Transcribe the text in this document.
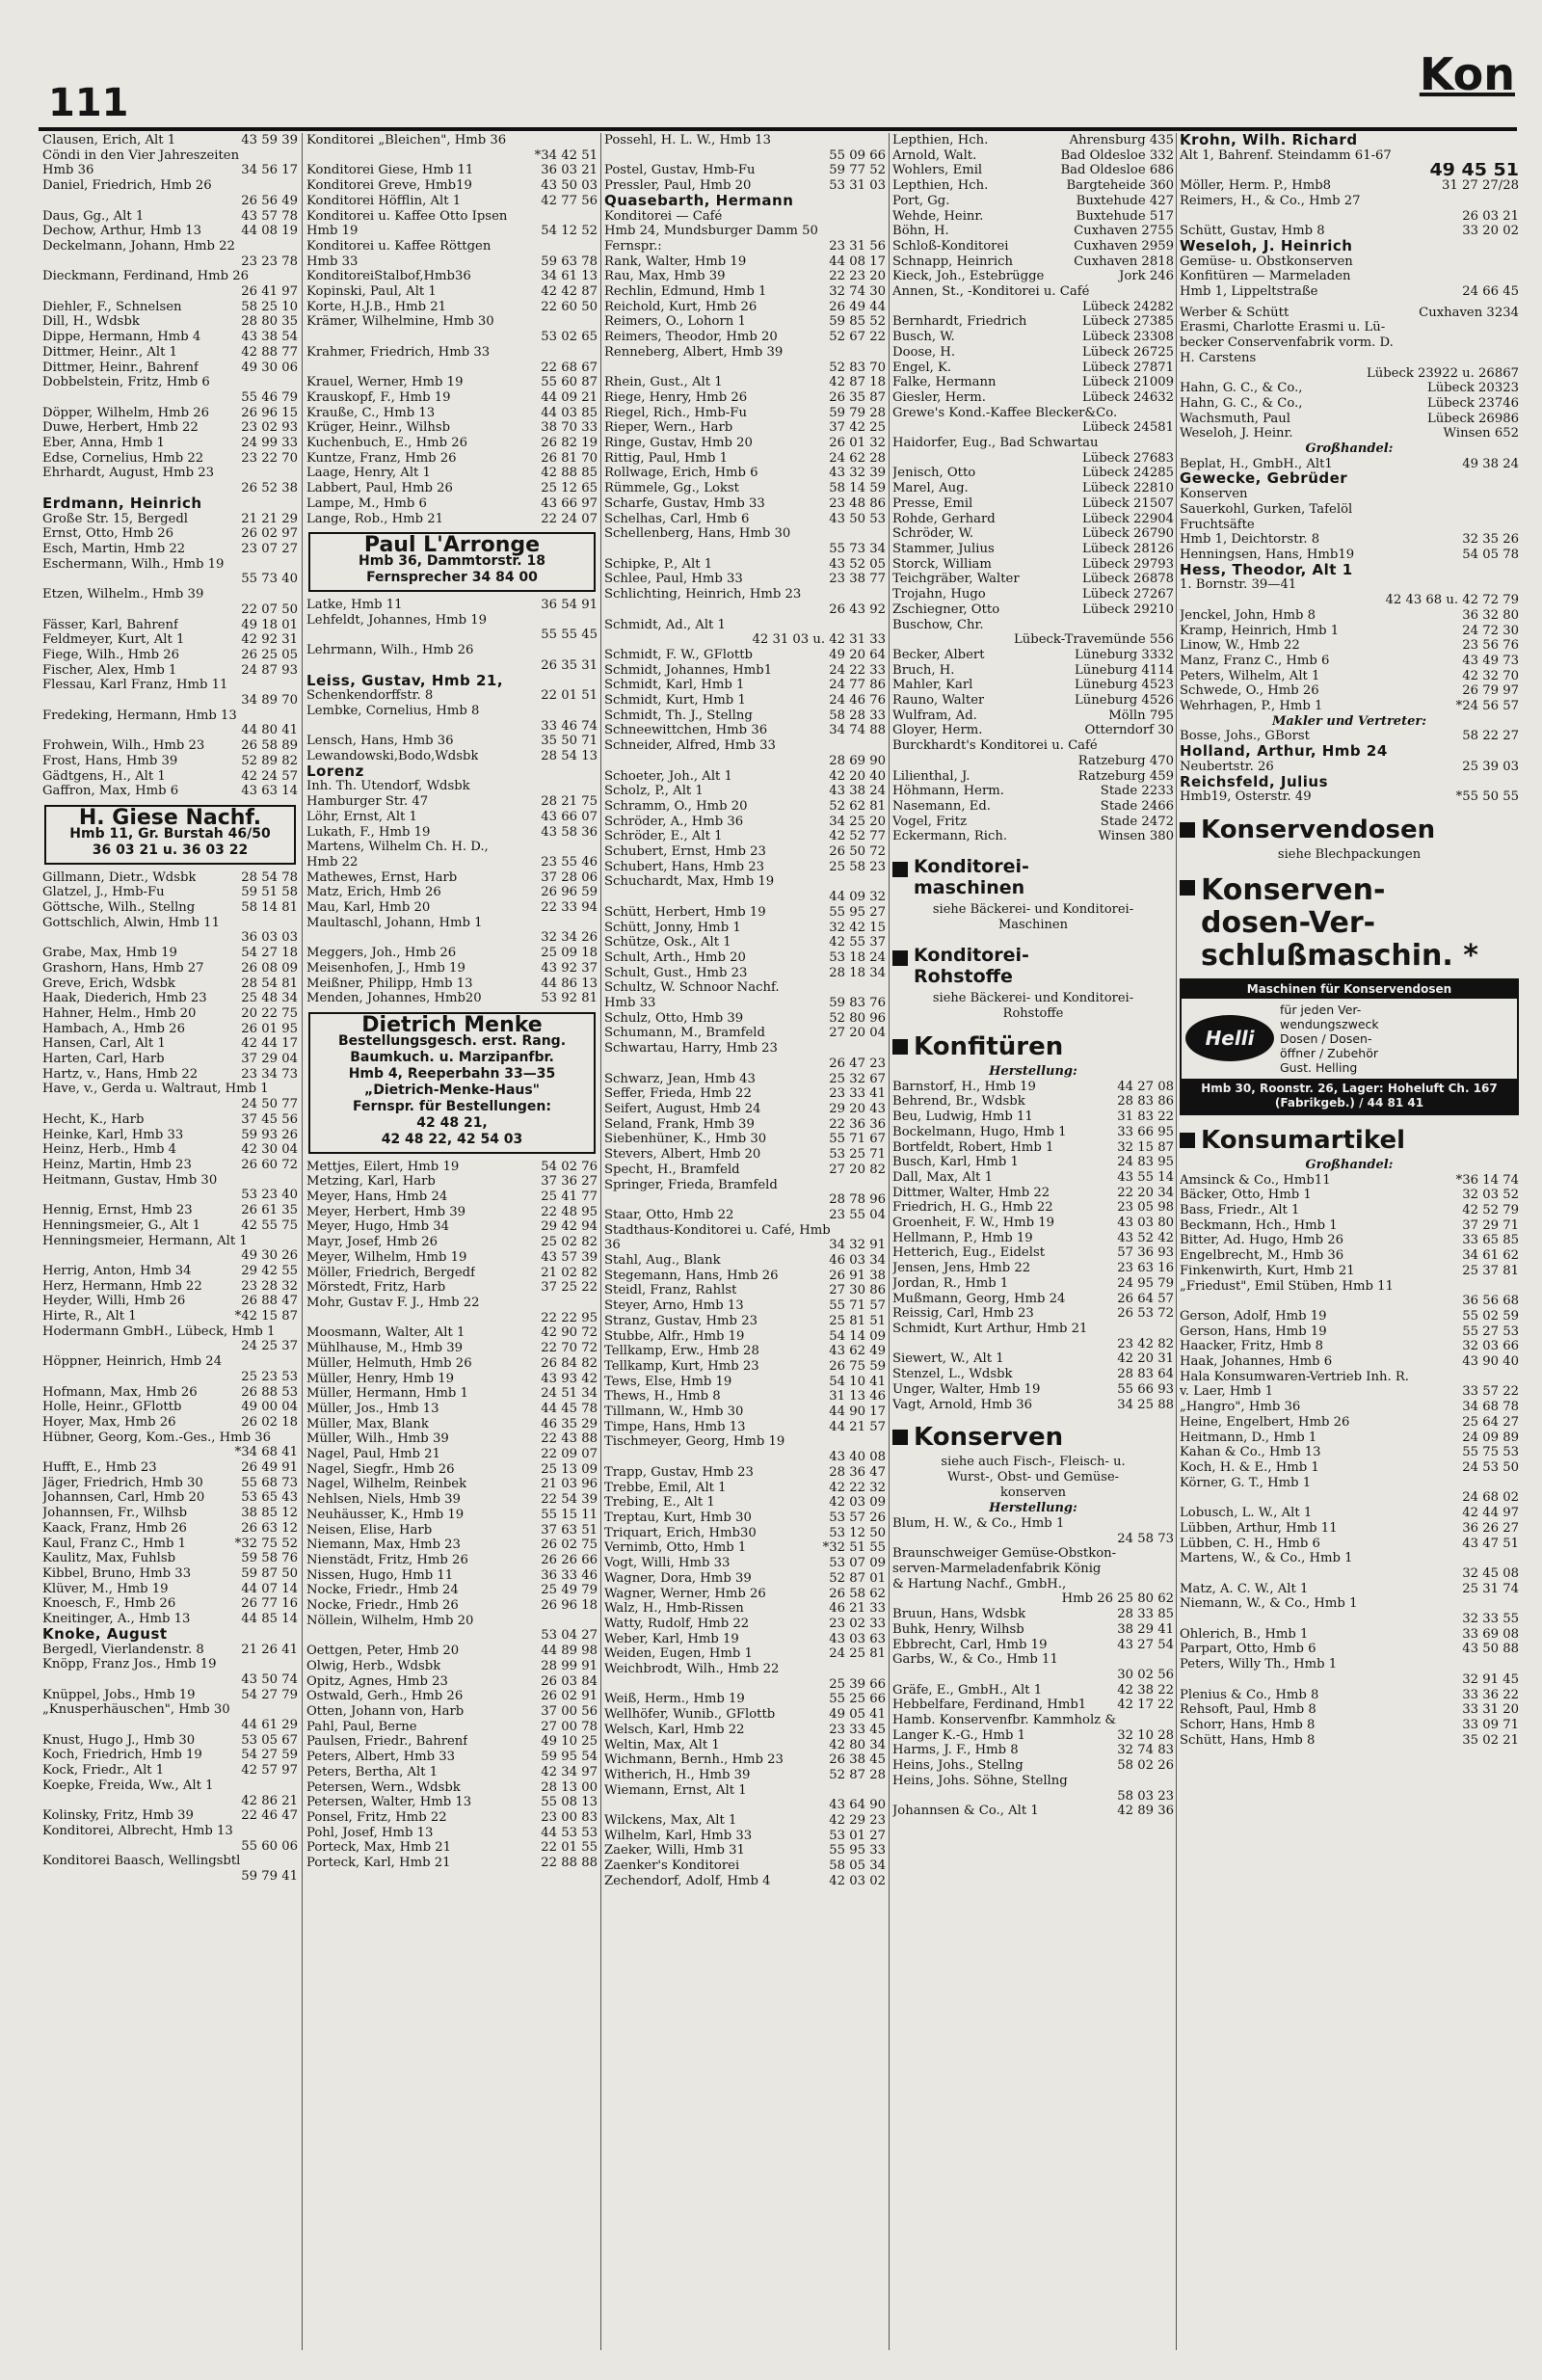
111
Kon
Clausen, Erich, Alt 1	43 59 39
Cöndi in den Vier Jahreszeiten
Hmb 36	34 56 17
Daniel, Friedrich, Hmb 26
26 56 49
Daus, Gg., Alt 1	43 57 78
Dechow, Arthur, Hmb 13	44 08 19
Deckelmann, Johann, Hmb 22
23 23 78
Dieckmann, Ferdinand, Hmb 26
26 41 97
Diehler, F., Schnelsen	58 25 10
Dill, H., Wdsbk	28 80 35
Dippe, Hermann, Hmb 4	43 38 54
Dittmer, Heinr., Alt 1	42 88 77
Dittmer, Heinr., Bahrenf	49 30 06
Dobbelstein, Fritz, Hmb 6
55 46 79
Döpper, Wilhelm, Hmb 26	26 96 15
Duwe, Herbert, Hmb 22	23 02 93
Eber, Anna, Hmb 1	24 99 33
Edse, Cornelius, Hmb 22	23 22 70
Ehrhardt, August, Hmb 23
26 52 38
Erdmann, Heinrich
Große Str. 15, Bergedl	21 21 29
Ernst, Otto, Hmb 26	26 02 97
Esch, Martin, Hmb 22	23 07 27
Eschermann, Wilh., Hmb 19
55 73 40
Etzen, Wilhelm., Hmb 39
22 07 50
Fässer, Karl, Bahrenf	49 18 01
Feldmeyer, Kurt, Alt 1	42 92 31
Fiege, Wilh., Hmb 26	26 25 05
Fischer, Alex, Hmb 1	24 87 93
Flessau, Karl Franz, Hmb 11
34 89 70
Fredeking, Hermann, Hmb 13
44 80 41
Frohwein, Wilh., Hmb 23	26 58 89
Frost, Hans, Hmb 39	52 89 82
Gädtgens, H., Alt 1	42 24 57
Gaffron, Max, Hmb 6	43 63 14
H. Giese Nachf.
Hmb 11, Gr. Burstah 46/50
36 03 21 u. 36 03 22
Gillmann, Dietr., Wdsbk	28 54 78
Glatzel, J., Hmb-Fu	59 51 58
Göttsche, Wilh., Stellng	58 14 81
Gottschlich, Alwin, Hmb 11
36 03 03
Grabe, Max, Hmb 19	54 27 18
Grashorn, Hans, Hmb 27	26 08 09
Greve, Erich, Wdsbk	28 54 81
Haak, Diederich, Hmb 23	25 48 34
Hahner, Helm., Hmb 20	20 22 75
Hambach, A., Hmb 26	26 01 95
Hansen, Carl, Alt 1	42 44 17
Harten, Carl, Harb	37 29 04
Hartz, v., Hans, Hmb 22	23 34 73
Have, v., Gerda u. Waltraut, Hmb 1
24 50 77
Hecht, K., Harb	37 45 56
Heinke, Karl, Hmb 33	59 93 26
Heinz, Herb., Hmb 4	42 30 04
Heinz, Martin, Hmb 23	26 60 72
Heitmann, Gustav, Hmb 30
53 23 40
Hennig, Ernst, Hmb 23	26 61 35
Henningsmeier, G., Alt 1	42 55 75
Henningsmeier, Hermann, Alt 1
49 30 26
Herrig, Anton, Hmb 34	29 42 55
Herz, Hermann, Hmb 22	23 28 32
Heyder, Willi, Hmb 26	26 88 47
Hirte, R., Alt 1	*42 15 87
Hodermann GmbH., Lübeck, Hmb 1
24 25 37
Höppner, Heinrich, Hmb 24
25 23 53
Hofmann, Max, Hmb 26	26 88 53
Holle, Heinr., GFlottb	49 00 04
Hoyer, Max, Hmb 26	26 02 18
Hübner, Georg, Kom.-Ges., Hmb 36
*34 68 41
Hufft, E., Hmb 23	26 49 91
Jäger, Friedrich, Hmb 30	55 68 73
Johannsen, Carl, Hmb 20	53 65 43
Johannsen, Fr., Wilhsb	38 85 12
Kaack, Franz, Hmb 26	26 63 12
Kaul, Franz C., Hmb 1	*32 75 52
Kaulitz, Max, Fuhlsb	59 58 76
Kibbel, Bruno, Hmb 33	59 87 50
Klüver, M., Hmb 19	44 07 14
Knoesch, F., Hmb 26	26 77 16
Kneitinger, A., Hmb 13	44 85 14
Knoke, August
Bergedl, Vierlandenstr. 8	21 26 41
Knöpp, Franz Jos., Hmb 19
43 50 74
Knüppel, Jobs., Hmb 19	54 27 79
„Knusperhäuschen", Hmb 30
44 61 29
Knust, Hugo J., Hmb 30	53 05 67
Koch, Friedrich, Hmb 19	54 27 59
Kock, Friedr., Alt 1	42 57 97
Koepke, Freida, Ww., Alt 1
42 86 21
Kolinsky, Fritz, Hmb 39	22 46 47
Konditorei, Albrecht, Hmb 13
55 60 06
Konditorei Baasch, Wellingsbtl
59 79 41
Konditorei „Bleichen", Hmb 36
*34 42 51
Konditorei Giese, Hmb 11	36 03 21
Konditorei Greve, Hmb19	43 50 03
Konditorei Höfflin, Alt 1	42 77 56
Konditorei u. Kaffee Otto Ipsen
Hmb 19	54 12 52
Konditorei u. Kaffee Röttgen
Hmb 33	59 63 78
KonditoreiStalbof,Hmb36	34 61 13
Kopinski, Paul, Alt 1	42 42 87
Korte, H.J.B., Hmb 21	22 60 50
Krämer, Wilhelmine, Hmb 30
53 02 65
Krahmer, Friedrich, Hmb 33
22 68 67
Krauel, Werner, Hmb 19	55 60 87
Krauskopf, F., Hmb 19	44 09 21
Krauße, C., Hmb 13	44 03 85
Krüger, Heinr., Wilhsb	38 70 33
Kuchenbuch, E., Hmb 26	26 82 19
Kuntze, Franz, Hmb 26	26 81 70
Laage, Henry, Alt 1	42 88 85
Labbert, Paul, Hmb 26	25 12 65
Lampe, M., Hmb 6	43 66 97
Lange, Rob., Hmb 21	22 24 07
Paul L'Arronge
Hmb 36, Dammtorstr. 18
Fernsprecher 34 84 00
Latke, Hmb 11	36 54 91
Lehfeldt, Johannes, Hmb 19
55 55 45
Lehrmann, Wilh., Hmb 26
26 35 31
Leiss, Gustav, Hmb 21,
Schenkendorffstr. 8	22 01 51
Lembke, Cornelius, Hmb 8
33 46 74
Lensch, Hans, Hmb 36	35 50 71
Lewandowski,Bodo,Wdsbk	28 54 13
Lorenz
Inh. Th. Utendorf, Wdsbk
Hamburger Str. 47	28 21 75
Löhr, Ernst, Alt 1	43 66 07
Lukath, F., Hmb 19	43 58 36
Martens, Wilhelm Ch. H. D.,
Hmb 22	23 55 46
Mathewes, Ernst, Harb	37 28 06
Matz, Erich, Hmb 26	26 96 59
Mau, Karl, Hmb 20	22 33 94
Maultaschl, Johann, Hmb 1
32 34 26
Meggers, Joh., Hmb 26	25 09 18
Meisenhofen, J., Hmb 19	43 92 37
Meißner, Philipp, Hmb 13	44 86 13
Menden, Johannes, Hmb20	53 92 81
Dietrich Menke
Bestellungsgesch. erst. Rang.
Baumkuch. u. Marzipanfbr.
Hmb 4, Reeperbahn 33—35
„Dietrich-Menke-Haus"
Fernspr. für Bestellungen:
42 48 21,
42 48 22, 42 54 03
Mettjes, Eilert, Hmb 19	54 02 76
Metzing, Karl, Harb	37 36 27
Meyer, Hans, Hmb 24	25 41 77
Meyer, Herbert, Hmb 39	22 48 95
Meyer, Hugo, Hmb 34	29 42 94
Mayr, Josef, Hmb 26	25 02 82
Meyer, Wilhelm, Hmb 19	43 57 39
Möller, Friedrich, Bergedf	21 02 82
Mörstedt, Fritz, Harb	37 25 22
Mohr, Gustav F. J., Hmb 22
22 22 95
Moosmann, Walter, Alt 1	42 90 72
Mühlhause, M., Hmb 39	22 70 72
Müller, Helmuth, Hmb 26	26 84 82
Müller, Henry, Hmb 19	43 93 42
Müller, Hermann, Hmb 1	24 51 34
Müller, Jos., Hmb 13	44 45 78
Müller, Max, Blank	46 35 29
Müller, Wilh., Hmb 39	22 43 88
Nagel, Paul, Hmb 21	22 09 07
Nagel, Siegfr., Hmb 26	25 13 09
Nagel, Wilhelm, Reinbek	21 03 96
Nehlsen, Niels, Hmb 39	22 54 39
Neuhäusser, K., Hmb 19	55 15 11
Neisen, Elise, Harb	37 63 51
Niemann, Max, Hmb 23	26 02 75
Nienstädt, Fritz, Hmb 26	26 26 66
Nissen, Hugo, Hmb 11	36 33 46
Nocke, Friedr., Hmb 24	25 49 79
Nocke, Friedr., Hmb 26	26 96 18
Nöllein, Wilhelm, Hmb 20
53 04 27
Oettgen, Peter, Hmb 20	44 89 98
Olwig, Herb., Wdsbk	28 99 91
Opitz, Agnes, Hmb 23	26 03 84
Ostwald, Gerh., Hmb 26	26 02 91
Otten, Johann von, Harb	37 00 56
Pahl, Paul, Berne	27 00 78
Paulsen, Friedr., Bahrenf	49 10 25
Peters, Albert, Hmb 33	59 95 54
Peters, Bertha, Alt 1	42 34 97
Petersen, Wern., Wdsbk	28 13 00
Petersen, Walter, Hmb 13	55 08 13
Ponsel, Fritz, Hmb 22	23 00 83
Pohl, Josef, Hmb 13	44 53 53
Porteck, Max, Hmb 21	22 01 55
Porteck, Karl, Hmb 21	22 88 88
Possehl, H. L. W., Hmb 13
55 09 66
Postel, Gustav, Hmb-Fu	59 77 52
Pressler, Paul, Hmb 20	53 31 03
Quasebarth, Hermann
Konditorei — Café
Hmb 24, Mundsburger Damm 50
Fernspr.:	23 31 56
Rank, Walter, Hmb 19	44 08 17
Rau, Max, Hmb 39	22 23 20
Rechlin, Edmund, Hmb 1	32 74 30
Reichold, Kurt, Hmb 26	26 49 44
Reimers, O., Lohorn 1	59 85 52
Reimers, Theodor, Hmb 20	52 67 22
Renneberg, Albert, Hmb 39
52 83 70
Rhein, Gust., Alt 1	42 87 18
Riege, Henry, Hmb 26	26 35 87
Riegel, Rich., Hmb-Fu	59 79 28
Rieper, Wern., Harb	37 42 25
Ringe, Gustav, Hmb 20	26 01 32
Rittig, Paul, Hmb 1	24 62 28
Rollwage, Erich, Hmb 6	43 32 39
Rümmele, Gg., Lokst	58 14 59
Scharfe, Gustav, Hmb 33	23 48 86
Schelhas, Carl, Hmb 6	43 50 53
Schellenberg, Hans, Hmb 30
55 73 34
Schipke, P., Alt 1	43 52 05
Schlee, Paul, Hmb 33	23 38 77
Schlichting, Heinrich, Hmb 23
26 43 92
Schmidt, Ad., Alt 1
42 31 03 u. 42 31 33
Schmidt, F. W., GFlottb	49 20 64
Schmidt, Johannes, Hmb1	24 22 33
Schmidt, Karl, Hmb 1	24 77 86
Schmidt, Kurt, Hmb 1	24 46 76
Schmidt, Th. J., Stellng	58 28 33
Schneewittchen, Hmb 36	34 74 88
Schneider, Alfred, Hmb 33
28 69 90
Schoeter, Joh., Alt 1	42 20 40
Scholz, P., Alt 1	43 38 24
Schramm, O., Hmb 20	52 62 81
Schröder, A., Hmb 36	34 25 20
Schröder, E., Alt 1	42 52 77
Schubert, Ernst, Hmb 23	26 50 72
Schubert, Hans, Hmb 23	25 58 23
Schuchardt, Max, Hmb 19
44 09 32
Schütt, Herbert, Hmb 19	55 95 27
Schütt, Jonny, Hmb 1	32 42 15
Schütze, Osk., Alt 1	42 55 37
Schult, Arth., Hmb 20	53 18 24
Schult, Gust., Hmb 23	28 18 34
Schultz, W. Schnoor Nachf.
Hmb 33	59 83 76
Schulz, Otto, Hmb 39	52 80 96
Schumann, M., Bramfeld	27 20 04
Schwartau, Harry, Hmb 23
26 47 23
Schwarz, Jean, Hmb 43	25 32 67
Seffer, Frieda, Hmb 22	23 33 41
Seifert, August, Hmb 24	29 20 43
Seland, Frank, Hmb 39	22 36 36
Siebenhüner, K., Hmb 30	55 71 67
Stevers, Albert, Hmb 20	53 25 71
Specht, H., Bramfeld	27 20 82
Springer, Frieda, Bramfeld
28 78 96
Staar, Otto, Hmb 22	23 55 04
Stadthaus-Konditorei u. Café, Hmb
36	34 32 91
Stahl, Aug., Blank	46 03 34
Stegemann, Hans, Hmb 26	26 91 38
Steidl, Franz, Rahlst	27 30 86
Steyer, Arno, Hmb 13	55 71 57
Stranz, Gustav, Hmb 23	25 81 51
Stubbe, Alfr., Hmb 19	54 14 09
Tellkamp, Erw., Hmb 28	43 62 49
Tellkamp, Kurt, Hmb 23	26 75 59
Tews, Else, Hmb 19	54 10 41
Thews, H., Hmb 8	31 13 46
Tillmann, W., Hmb 30	44 90 17
Timpe, Hans, Hmb 13	44 21 57
Tischmeyer, Georg, Hmb 19
43 40 08
Trapp, Gustav, Hmb 23	28 36 47
Trebbe, Emil, Alt 1	42 22 32
Trebing, E., Alt 1	42 03 09
Treptau, Kurt, Hmb 30	53 57 26
Triquart, Erich, Hmb30	53 12 50
Vernimb, Otto, Hmb 1	*32 51 55
Vogt, Willi, Hmb 33	53 07 09
Wagner, Dora, Hmb 39	52 87 01
Wagner, Werner, Hmb 26	26 58 62
Walz, H., Hmb-Rissen	46 21 33
Watty, Rudolf, Hmb 22	23 02 33
Weber, Karl, Hmb 19	43 03 63
Weiden, Eugen, Hmb 1	24 25 81
Weichbrodt, Wilh., Hmb 22
25 39 66
Weiß, Herm., Hmb 19	55 25 66
Wellhöfer, Wunib., GFlottb	49 05 41
Welsch, Karl, Hmb 22	23 33 45
Weltin, Max, Alt 1	42 80 34
Wichmann, Bernh., Hmb 23	26 38 45
Witherich, H., Hmb 39	52 87 28
Wiemann, Ernst, Alt 1
43 64 90
Wilckens, Max, Alt 1	42 29 23
Wilhelm, Karl, Hmb 33	53 01 27
Zaeker, Willi, Hmb 31	55 95 33
Zaenker's Konditorei	58 05 34
Zechendorf, Adolf, Hmb 4	42 03 02
Lepthien, Hch.	Ahrensburg 435
Arnold, Walt.	Bad Oldesloe 332
Wohlers, Emil	Bad Oldesloe 686
Lepthien, Hch.	Bargteheide 360
Port, Gg.	Buxtehude 427
Wehde, Heinr.	Buxtehude 517
Böhn, H.	Cuxhaven 2755
Schloß-Konditorei	Cuxhaven 2959
Schnapp, Heinrich	Cuxhaven 2818
Kieck, Joh., Estebrügge	Jork 246
Annen, St., -Konditorei u. Café
Lübeck 24282
Bernhardt, Friedrich	Lübeck 27385
Busch, W.	Lübeck 23308
Doose, H.	Lübeck 26725
Engel, K.	Lübeck 27871
Falke, Hermann	Lübeck 21009
Giesler, Herm.	Lübeck 24632
Grewe's Kond.-Kaffee Blecker&Co.
Lübeck 24581
Haidorfer, Eug., Bad Schwartau
Lübeck 27683
Jenisch, Otto	Lübeck 24285
Marel, Aug.	Lübeck 22810
Presse, Emil	Lübeck 21507
Rohde, Gerhard	Lübeck 22904
Schröder, W.	Lübeck 26790
Stammer, Julius	Lübeck 28126
Storck, William	Lübeck 29793
Teichgräber, Walter	Lübeck 26878
Trojahn, Hugo	Lübeck 27267
Zschiegner, Otto	Lübeck 29210
Buschow, Chr.
Lübeck-Travemünde 556
Becker, Albert	Lüneburg 3332
Bruch, H.	Lüneburg 4114
Mahler, Karl	Lüneburg 4523
Rauno, Walter	Lüneburg 4526
Wulfram, Ad.	Mölln 795
Gloyer, Herm.	Otterndorf 30
Burckhardt's Konditorei u. Café
Ratzeburg 470
Lilienthal, J.	Ratzeburg 459
Höhmann, Herm.	Stade 2233
Nasemann, Ed.	Stade 2466
Vogel, Fritz	Stade 2472
Eckermann, Rich.	Winsen 380
Konditorei-
maschinen
siehe Bäckerei- und Konditorei-
Maschinen
Konditorei-
Rohstoffe
siehe Bäckerei- und Konditorei-
Rohstoffe
Konfitüren
Herstellung:
Barnstorf, H., Hmb 19	44 27 08
Behrend, Br., Wdsbk	28 83 86
Beu, Ludwig, Hmb 11	31 83 22
Bockelmann, Hugo, Hmb 1	33 66 95
Bortfeldt, Robert, Hmb 1	32 15 87
Busch, Karl, Hmb 1	24 83 95
Dall, Max, Alt 1	43 55 14
Dittmer, Walter, Hmb 22	22 20 34
Friedrich, H. G., Hmb 22	23 05 98
Groenheit, F. W., Hmb 19	43 03 80
Hellmann, P., Hmb 19	43 52 42
Hetterich, Eug., Eidelst	57 36 93
Jensen, Jens, Hmb 22	23 63 16
Jordan, R., Hmb 1	24 95 79
Mußmann, Georg, Hmb 24	26 64 57
Reissig, Carl, Hmb 23	26 53 72
Schmidt, Kurt Arthur, Hmb 21
23 42 82
Siewert, W., Alt 1	42 20 31
Stenzel, L., Wdsbk	28 83 64
Unger, Walter, Hmb 19	55 66 93
Vagt, Arnold, Hmb 36	34 25 88
Konserven
siehe auch Fisch-, Fleisch- u.
Wurst-, Obst- und Gemüse-
konserven
Herstellung:
Blum, H. W., & Co., Hmb 1
24 58 73
Braunschweiger Gemüse-Obstkon-
serven-Marmeladenfabrik König
& Hartung Nachf., GmbH.,
Hmb 26 25 80 62
Bruun, Hans, Wdsbk	28 33 85
Buhk, Henry, Wilhsb	38 29 41
Ebbrecht, Carl, Hmb 19	43 27 54
Garbs, W., & Co., Hmb 11
30 02 56
Gräfe, E., GmbH., Alt 1	42 38 22
Hebbelfare, Ferdinand, Hmb1	42 17 22
Hamb. Konservenfbr. Kammholz &
Langer K.-G., Hmb 1	32 10 28
Harms, J. F., Hmb 8	32 74 83
Heins, Johs., Stellng	58 02 26
Heins, Johs. Söhne, Stellng
58 03 23
Johannsen & Co., Alt 1	42 89 36
Krohn, Wilh. Richard
Alt 1, Bahrenf. Steindamm 61-67
49 45 51
Möller, Herm. P., Hmb8	31 27 27/28
Reimers, H., & Co., Hmb 27
26 03 21
Schütt, Gustav, Hmb 8	33 20 02
Weseloh, J. Heinrich
Gemüse- u. Obstkonserven
Konfitüren — Marmeladen
Hmb 1, Lippeltstraße	24 66 45
Werber & Schütt	Cuxhaven 3234
Erasmi, Charlotte Erasmi u. Lü-
becker Conservenfabrik vorm. D.
H. Carstens
Lübeck 23922 u. 26867
Hahn, G. C., & Co.,	Lübeck 20323
Hahn, G. C., & Co.,	Lübeck 23746
Wachsmuth, Paul	Lübeck 26986
Weseloh, J. Heinr.	Winsen 652
Großhandel:
Beplat, H., GmbH., Alt1	49 38 24
Gewecke, Gebrüder
Konserven
Sauerkohl, Gurken, Tafelöl
Fruchtsäfte
Hmb 1, Deichtorstr. 8	32 35 26
Henningsen, Hans, Hmb19	54 05 78
Hess, Theodor, Alt 1
1. Bornstr. 39—41
42 43 68 u. 42 72 79
Jenckel, John, Hmb 8	36 32 80
Kramp, Heinrich, Hmb 1	24 72 30
Linow, W., Hmb 22	23 56 76
Manz, Franz C., Hmb 6	43 49 73
Peters, Wilhelm, Alt 1	42 32 70
Schwede, O., Hmb 26	26 79 97
Wehrhagen, P., Hmb 1	*24 56 57
Makler und Vertreter:
Bosse, Johs., GBorst	58 22 27
Holland, Arthur, Hmb 24
Neubertstr. 26	25 39 03
Reichsfeld, Julius
Hmb19, Osterstr. 49	*55 50 55
Konservendosen
siehe Blechpackungen
Konserven-
dosen-Ver-
schlußmaschin. *
Maschinen für Konservendosen
Helli
für jeden Ver-
wendungszweck
Dosen / Dosen-
öffner / Zubehör
Gust. Helling
Hmb 30, Roonstr. 26, Lager: Hoheluft Ch. 167 (Fabrikgeb.) / 44 81 41
Konsumartikel
Großhandel:
Amsinck & Co., Hmb11	*36 14 74
Bäcker, Otto, Hmb 1	32 03 52
Bass, Friedr., Alt 1	42 52 79
Beckmann, Hch., Hmb 1	37 29 71
Bitter, Ad. Hugo, Hmb 26	33 65 85
Engelbrecht, M., Hmb 36	34 61 62
Finkenwirth, Kurt, Hmb 21	25 37 81
„Friedust", Emil Stüben, Hmb 11
36 56 68
Gerson, Adolf, Hmb 19	55 02 59
Gerson, Hans, Hmb 19	55 27 53
Haacker, Fritz, Hmb 8	32 03 66
Haak, Johannes, Hmb 6	43 90 40
Hala Konsumwaren-Vertrieb Inh. R.
v. Laer, Hmb 1	33 57 22
„Hangro", Hmb 36	34 68 78
Heine, Engelbert, Hmb 26	25 64 27
Heitmann, D., Hmb 1	24 09 89
Kahan & Co., Hmb 13	55 75 53
Koch, H. & E., Hmb 1	24 53 50
Körner, G. T., Hmb 1
24 68 02
Lobusch, L. W., Alt 1	42 44 97
Lübben, Arthur, Hmb 11	36 26 27
Lübben, C. H., Hmb 6	43 47 51
Martens, W., & Co., Hmb 1
32 45 08
Matz, A. C. W., Alt 1	25 31 74
Niemann, W., & Co., Hmb 1
32 33 55
Ohlerich, B., Hmb 1	33 69 08
Parpart, Otto, Hmb 6	43 50 88
Peters, Willy Th., Hmb 1
32 91 45
Plenius & Co., Hmb 8	33 36 22
Rehsoft, Paul, Hmb 8	33 31 20
Schorr, Hans, Hmb 8	33 09 71
Schütt, Hans, Hmb 8	35 02 21
